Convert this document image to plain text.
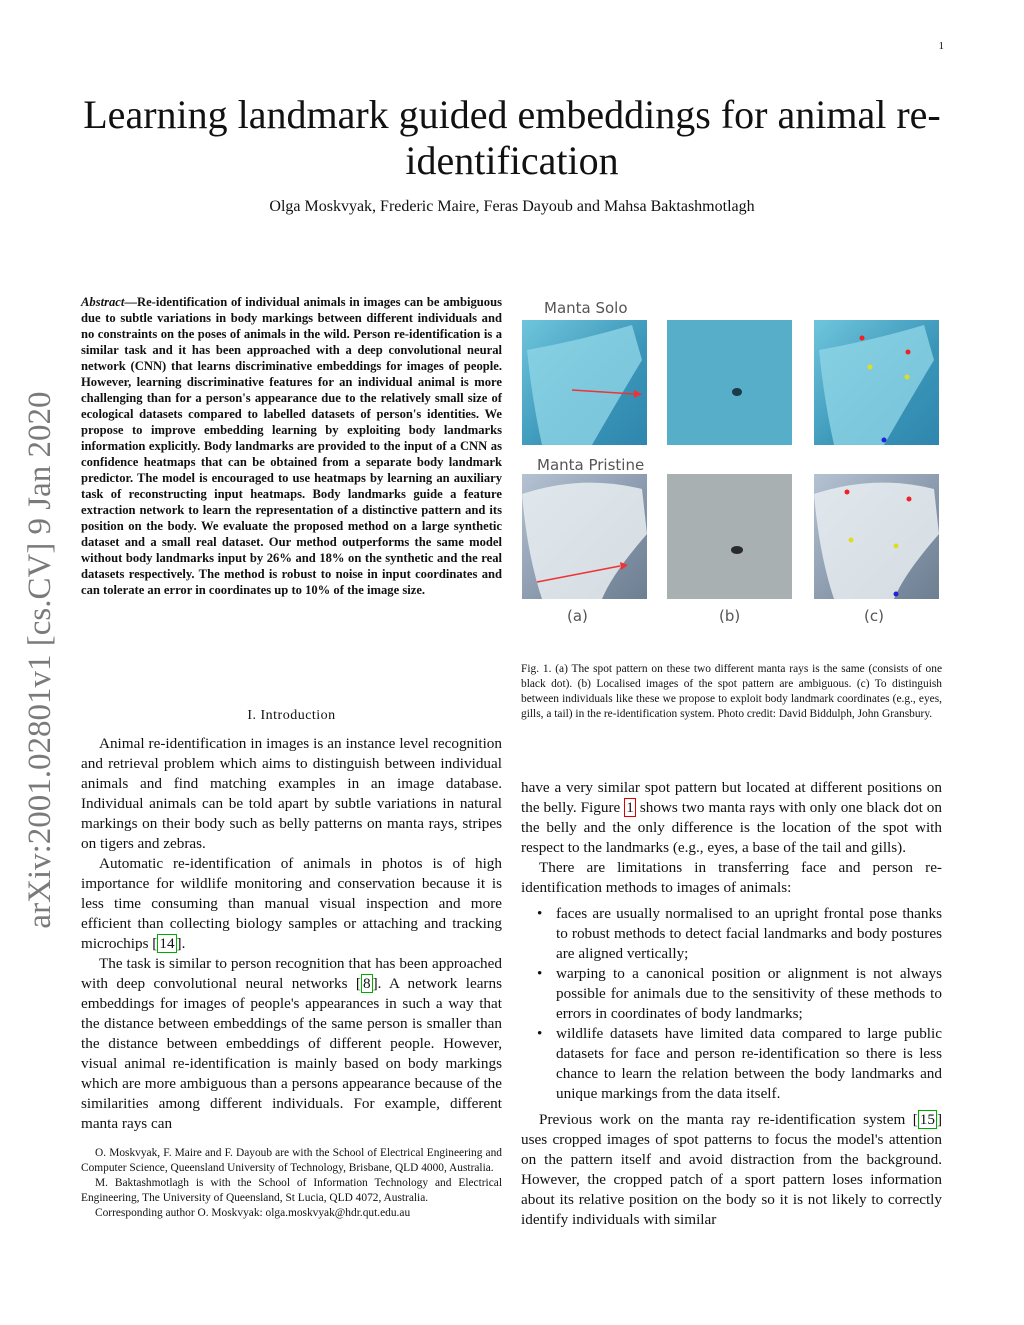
1
arXiv:2001.02801v1 [cs.CV] 9 Jan 2020
Learning landmark guided embeddings for animal re-identification
Olga Moskvyak, Frederic Maire, Feras Dayoub and Mahsa Baktashmotlagh
Abstract—Re-identification of individual animals in images can be ambiguous due to subtle variations in body markings between different individuals and no constraints on the poses of animals in the wild. Person re-identification is a similar task and it has been approached with a deep convolutional neural network (CNN) that learns discriminative embeddings for images of people. However, learning discriminative features for an individual animal is more challenging than for a person's appearance due to the relatively small size of ecological datasets compared to labelled datasets of person's identities. We propose to improve embedding learning by exploiting body landmarks information explicitly. Body landmarks are provided to the input of a CNN as confidence heatmaps that can be obtained from a separate body landmark predictor. The model is encouraged to use heatmaps by learning an auxiliary task of reconstructing input heatmaps. Body landmarks guide a feature extraction network to learn the representation of a distinctive pattern and its position on the body. We evaluate the proposed method on a large synthetic dataset and a small real dataset. Our method outperforms the same model without body landmarks input by 26% and 18% on the synthetic and the real datasets respectively. The method is robust to noise in input coordinates and can tolerate an error in coordinates up to 10% of the image size.
I. Introduction

Animal re-identification in images is an instance level recognition and retrieval problem which aims to distinguish between individual animals and find matching examples in an image database. Individual animals can be told apart by subtle variations in natural markings on their body such as belly patterns on manta rays, stripes on tigers and zebras.

Automatic re-identification of animals in photos is of high importance for wildlife monitoring and conservation because it is less time consuming than manual visual inspection and more efficient than collecting biology samples or attaching and tracking microchips [ 14 ].

The task is similar to person recognition that has been approached with deep convolutional neural networks [ 8 ]. A network learns embeddings for images of people's appearances in such a way that the distance between embeddings of the same person is smaller than the distance between embeddings of different people. However, visual animal re-identification is mainly based on body markings which are more ambiguous than a persons appearance because of the similarities among different individuals. For example, different manta rays can

O. Moskvyak, F. Maire and F. Dayoub are with the School of Electrical Engineering and Computer Science, Queensland University of Technology, Brisbane, QLD 4000, Australia.

M. Baktashmotlagh is with the School of Information Technology and Electrical Engineering, The University of Queensland, St Lucia, QLD 4072, Australia.

Corresponding author O. Moskvyak: olga.moskvyak@hdr.qut.edu.au

Manta Solo
Manta Pristine
(a)	(b)	(c)
Fig. 1. (a) The spot pattern on these two different manta rays is the same (consists of one black dot). (b) Localised images of the spot pattern are ambiguous. (c) To distinguish between individuals like these we propose to exploit body landmark coordinates (e.g., eyes, gills, a tail) in the re-identification system. Photo credit: David Biddulph, John Gransbury.

have a very similar spot pattern but located at different positions on the belly. Figure 1 shows two manta rays with only one black dot on the belly and the only difference is the location of the spot with respect to the landmarks (e.g., eyes, a base of the tail and gills).

There are limitations in transferring face and person re-identification methods to images of animals:

• faces are usually normalised to an upright frontal pose thanks to robust methods to detect facial landmarks and body postures are aligned vertically;
• warping to a canonical position or alignment is not always possible for animals due to the sensitivity of these methods to errors in coordinates of body landmarks;
• wildlife datasets have limited data compared to large public datasets for face and person re-identification so there is less chance to learn the relation between the body landmarks and unique markings from the data itself.

Previous work on the manta ray re-identification system [ 15 ] uses cropped images of spot patterns to focus the model's attention on the pattern itself and avoid distraction from the background. However, the cropped patch of a sport pattern loses information about its relative position on the body so it is not likely to correctly identify individuals with similar
